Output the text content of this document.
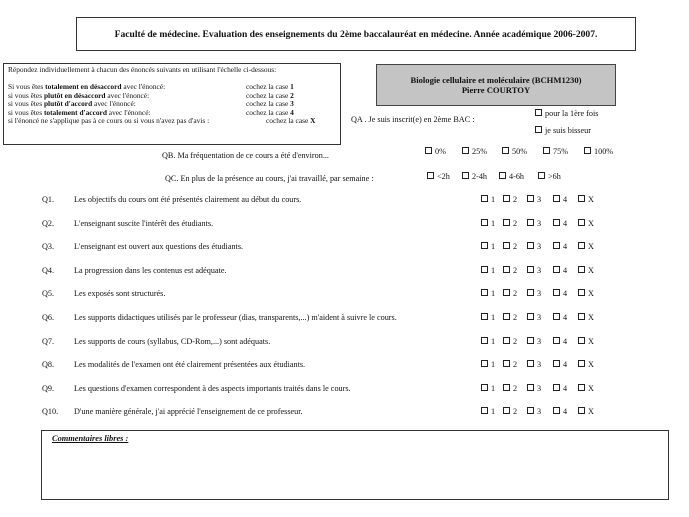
Faculté de médecine. Evaluation des enseignements du 2ème baccalauréat en médecine. Année académique 2006-2007.
Répondez individuellement à chacun des énoncés suivants en utilisant l'échelle ci-dessous:
Si vous êtes totalement en désaccord avec l'énoncé:	cochez la case 1
si vous êtes plutôt en désaccord avec l'énoncé:	cochez la case 2
si vous êtes plutôt d'accord avec l'énoncé:	cochez la case 3
si vous êtes totalement d'accord avec l'énoncé:	cochez la case 4
si l'énoncé ne s'applique pas à ce cours ou si vous n'avez pas d'avis :	cochez la case X
Biologie cellulaire et moléculaire (BCHM1230)
Pierre COURTOY
QA . Je suis inscrit(e) en 2ème BAC :
pour la 1ère fois
je suis bisseur
QB. Ma fréquentation de ce cours a été d'environ...	0%	25%	50%	75%	100%
QC. En plus de la présence au cours, j'ai travaillé, par semaine :	<2h	2-4h	4-6h	>6h
Q1. Les objectifs du cours ont été présentés clairement au début du cours.	1	2	3	4	X
Q2. L'enseignant suscite l'intérêt des étudiants.	1	2	3	4	X
Q3. L'enseignant est ouvert aux questions des étudiants.	1	2	3	4	X
Q4. La progression dans les contenus est adéquate.	1	2	3	4	X
Q5. Les exposés sont structurés.	1	2	3	4	X
Q6. Les supports didactiques utilisés par le professeur (dias, transparents,...) m'aident à suivre le cours.	1	2	3	4	X
Q7. Les supports de cours (syllabus, CD-Rom,...) sont adéquats.	1	2	3	4	X
Q8. Les modalités de l'examen ont été clairement présentées aux étudiants.	1	2	3	4	X
Q9. Les questions d'examen correspondent à des aspects importants traités dans le cours.	1	2	3	4	X
Q10. D'une manière générale, j'ai apprécié l'enseignement de ce professeur.	1	2	3	4	X
Commentaires libres :
